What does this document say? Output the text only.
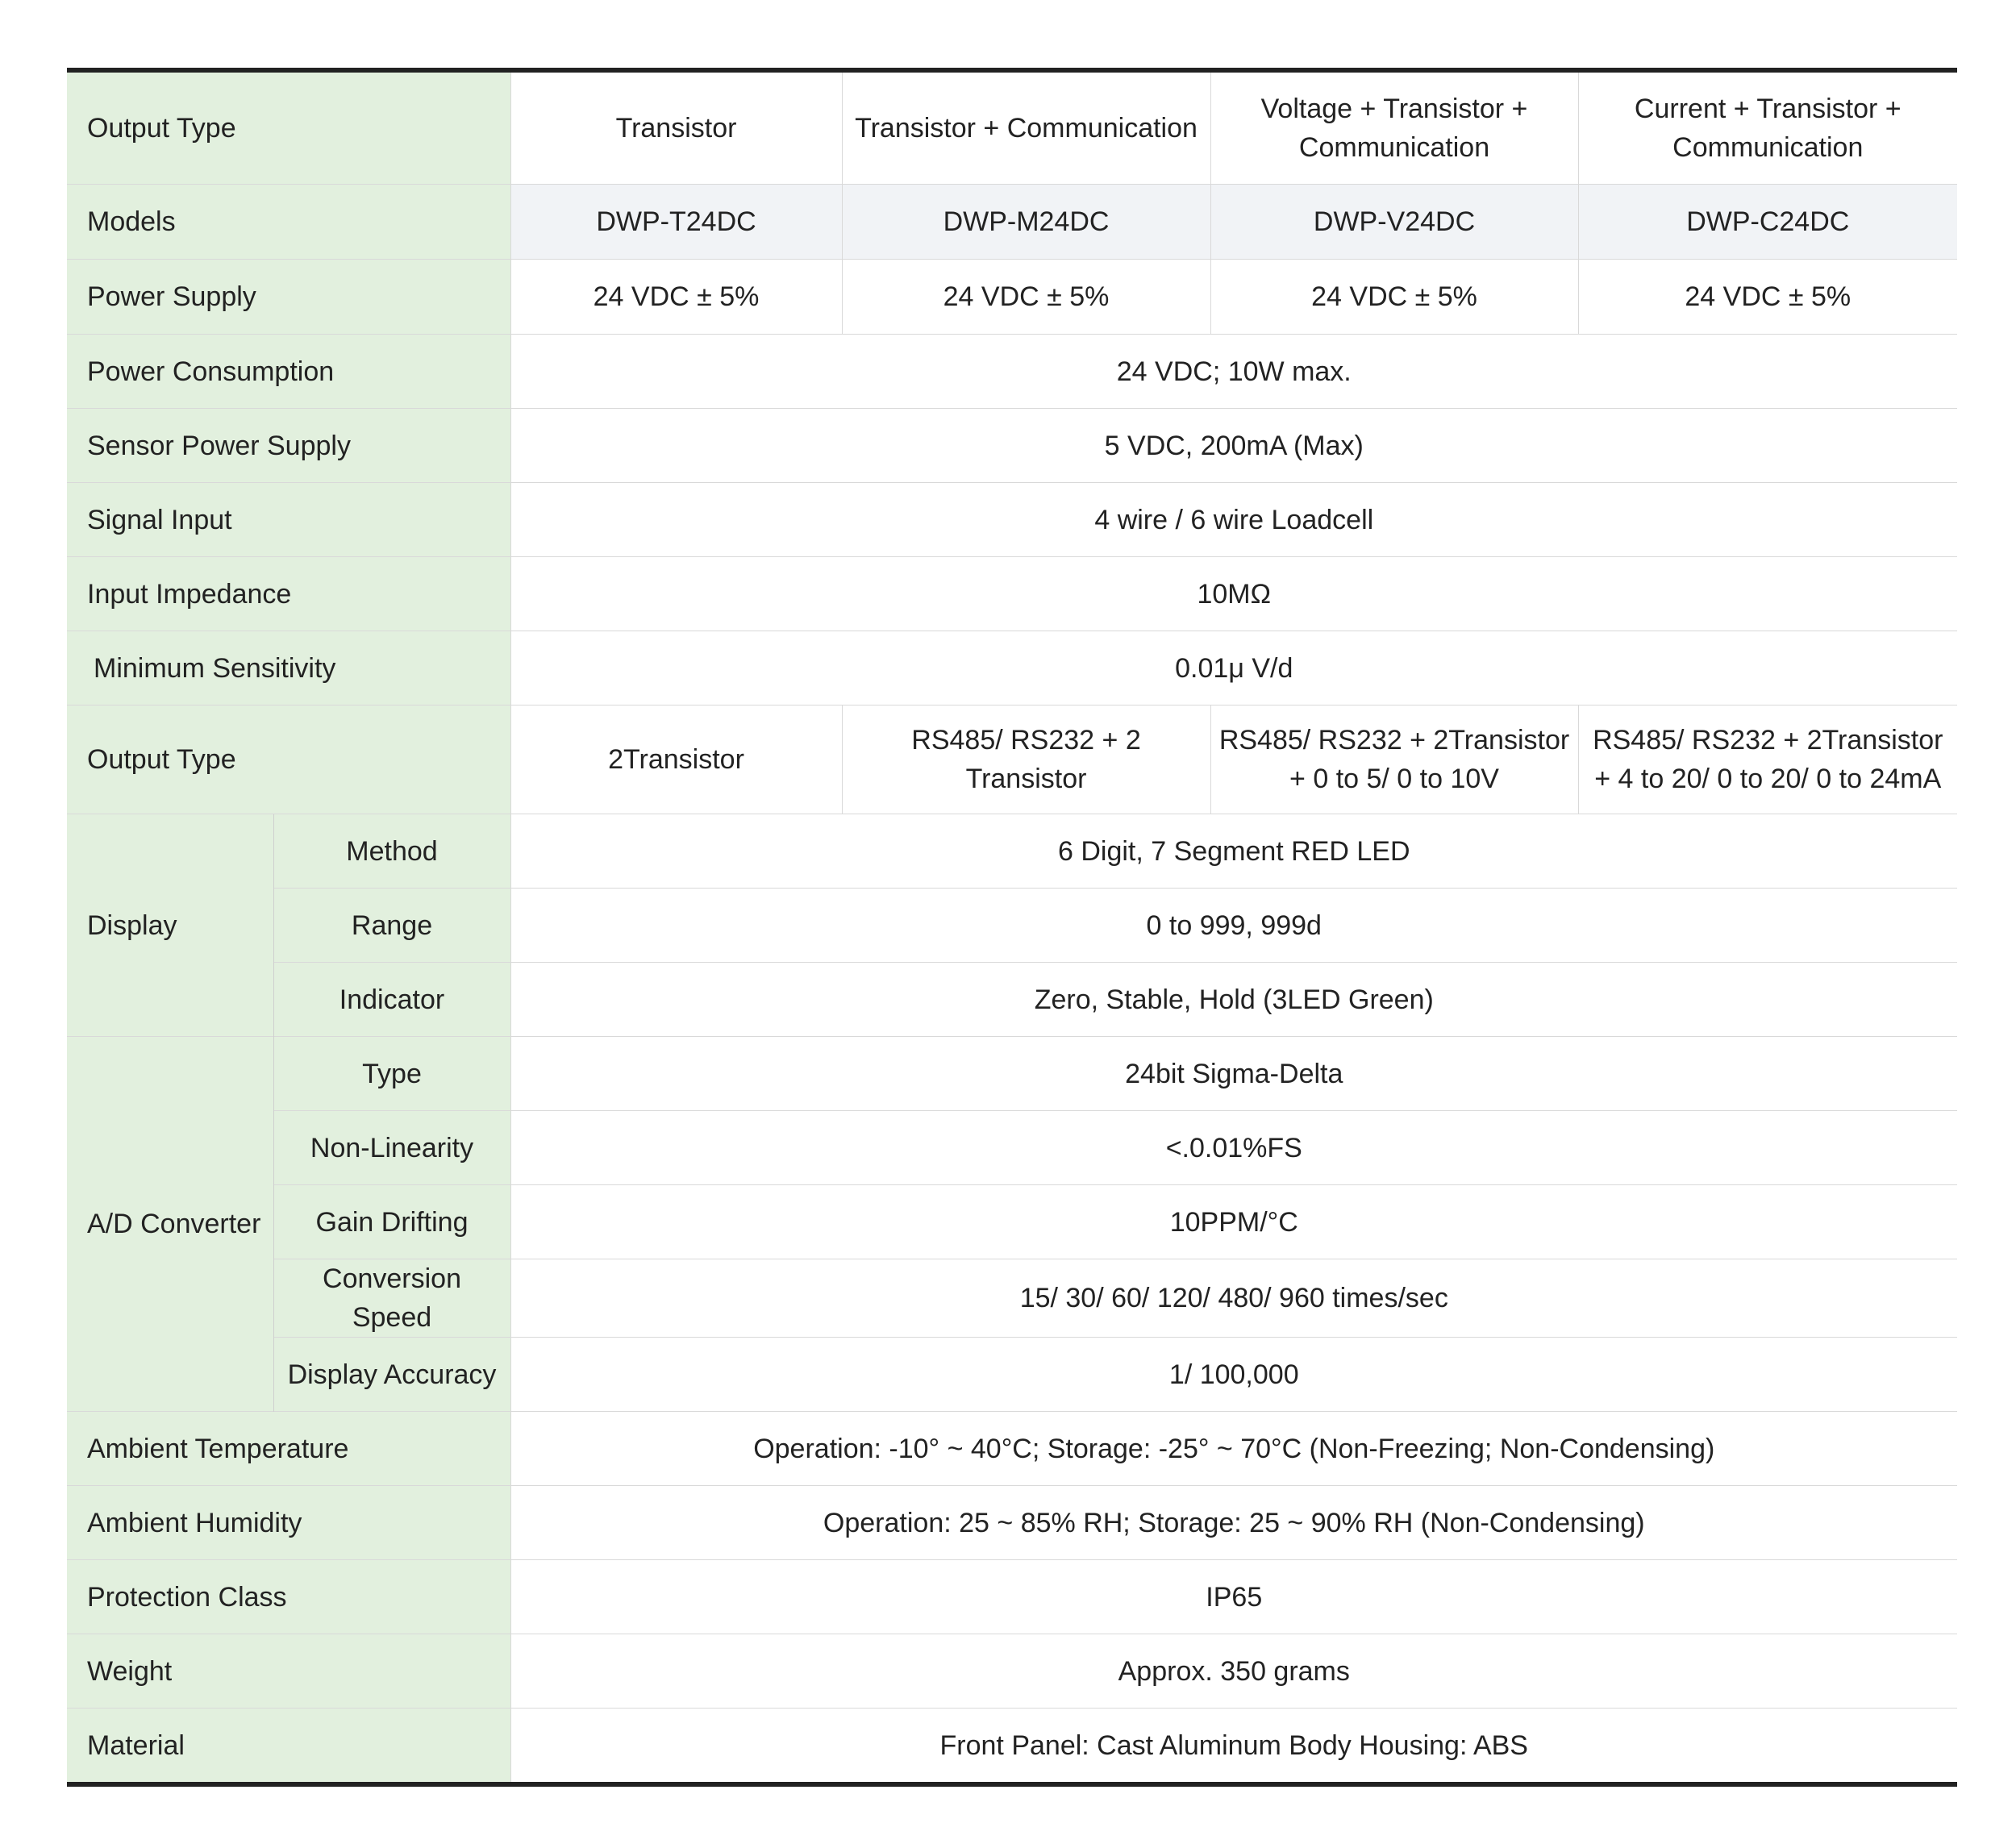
Output Type		Transistor	Transistor + Communication	Voltage + Transistor + Communication	Current + Transistor + Communication
Models		DWP-T24DC	DWP-M24DC	DWP-V24DC	DWP-C24DC
Power Supply		24 VDC ± 5%	24 VDC ± 5%	24 VDC ± 5%	24 VDC ± 5%
Power Consumption		24 VDC; 10W max.			
Sensor Power Supply		5 VDC, 200mA (Max)			
Signal Input		4 wire / 6 wire Loadcell			
Input Impedance		10MΩ			
Minimum Sensitivity		0.01μ V/d			
Output Type		2Transistor	RS485/ RS232 + 2 Transistor	RS485/ RS232 + 2Transistor + 0 to 5/ 0 to 10V	RS485/ RS232 + 2Transistor + 4 to 20/ 0 to 20/ 0 to 24mA
Display	Method	6 Digit, 7 Segment RED LED			
	Range	0 to 999, 999d			
	Indicator	Zero, Stable, Hold (3LED Green)			
A/D Converter	Type	24bit Sigma-Delta			
	Non-Linearity	<.0.01%FS			
	Gain Drifting	10PPM/°C			
	Conversion Speed	15/ 30/ 60/ 120/ 480/ 960 times/sec			
	Display Accuracy	1/ 100,000			
Ambient Temperature		Operation: -10° ~ 40°C; Storage: -25° ~ 70°C (Non-Freezing; Non-Condensing)			
Ambient Humidity		Operation: 25 ~ 85% RH; Storage: 25 ~ 90% RH (Non-Condensing)			
Protection Class		IP65			
Weight		Approx. 350 grams			
Material		Front Panel: Cast Aluminum Body Housing: ABS			
